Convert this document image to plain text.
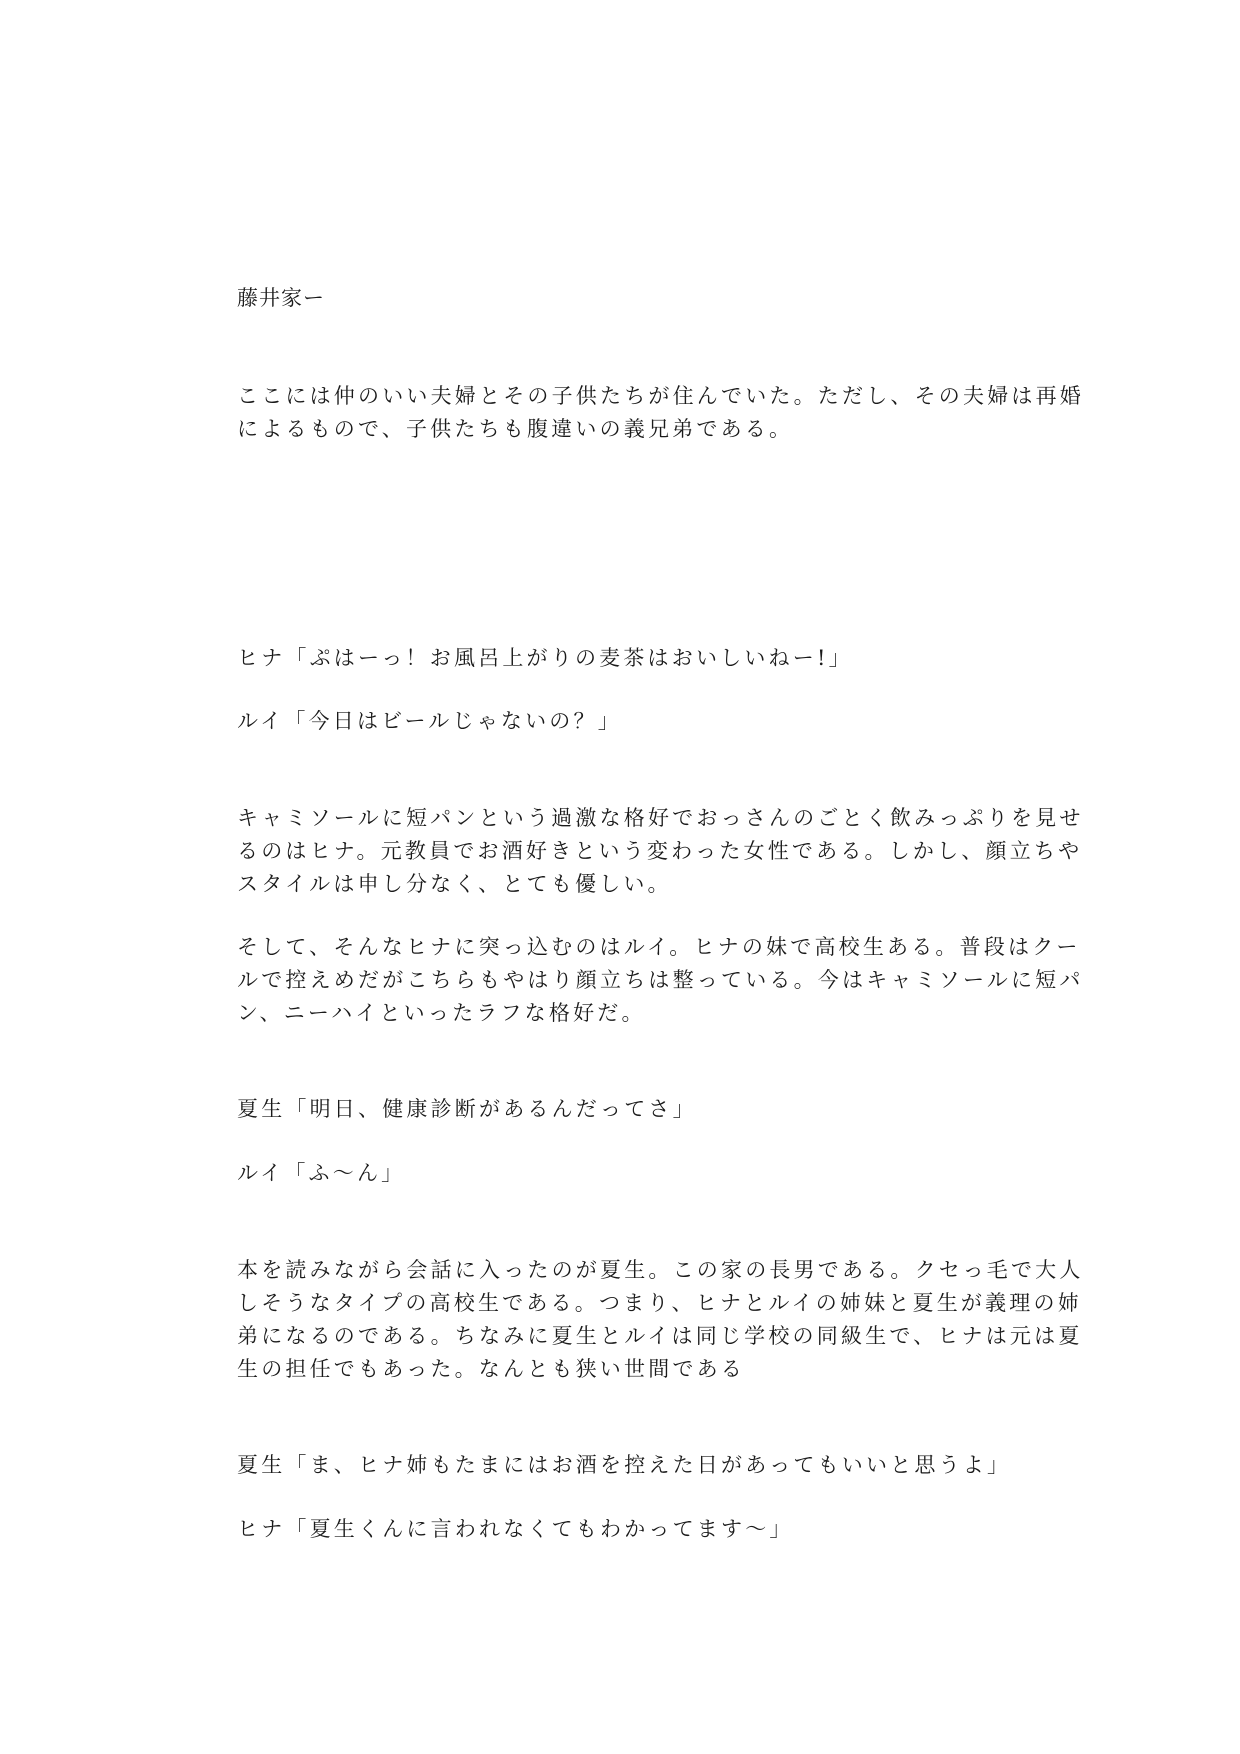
藤井家ー
ここには仲のいい夫婦とその子供たちが住んでいた。ただし、その夫婦は再婚
によるもので、子供たちも腹違いの義兄弟である。
ヒナ「ぷはーっ！お風呂上がりの麦茶はおいしいねー!」
ルイ「今日はビールじゃないの？」
キャミソールに短パンという過激な格好でおっさんのごとく飲みっぷりを見せ
るのはヒナ。元教員でお酒好きという変わった女性である。しかし、顔立ちや
スタイルは申し分なく、とても優しい。
そして、そんなヒナに突っ込むのはルイ。ヒナの妹で高校生ある。普段はクー
ルで控えめだがこちらもやはり顔立ちは整っている。今はキャミソールに短パ
ン、ニーハイといったラフな格好だ。
夏生「明日、健康診断があるんだってさ」
ルイ「ふ〜ん」
本を読みながら会話に入ったのが夏生。この家の長男である。クセっ毛で大人
しそうなタイプの高校生である。つまり、ヒナとルイの姉妹と夏生が義理の姉
弟になるのである。ちなみに夏生とルイは同じ学校の同級生で、ヒナは元は夏
生の担任でもあった。なんとも狭い世間である
夏生「ま、ヒナ姉もたまにはお酒を控えた日があってもいいと思うよ」
ヒナ「夏生くんに言われなくてもわかってます〜」
